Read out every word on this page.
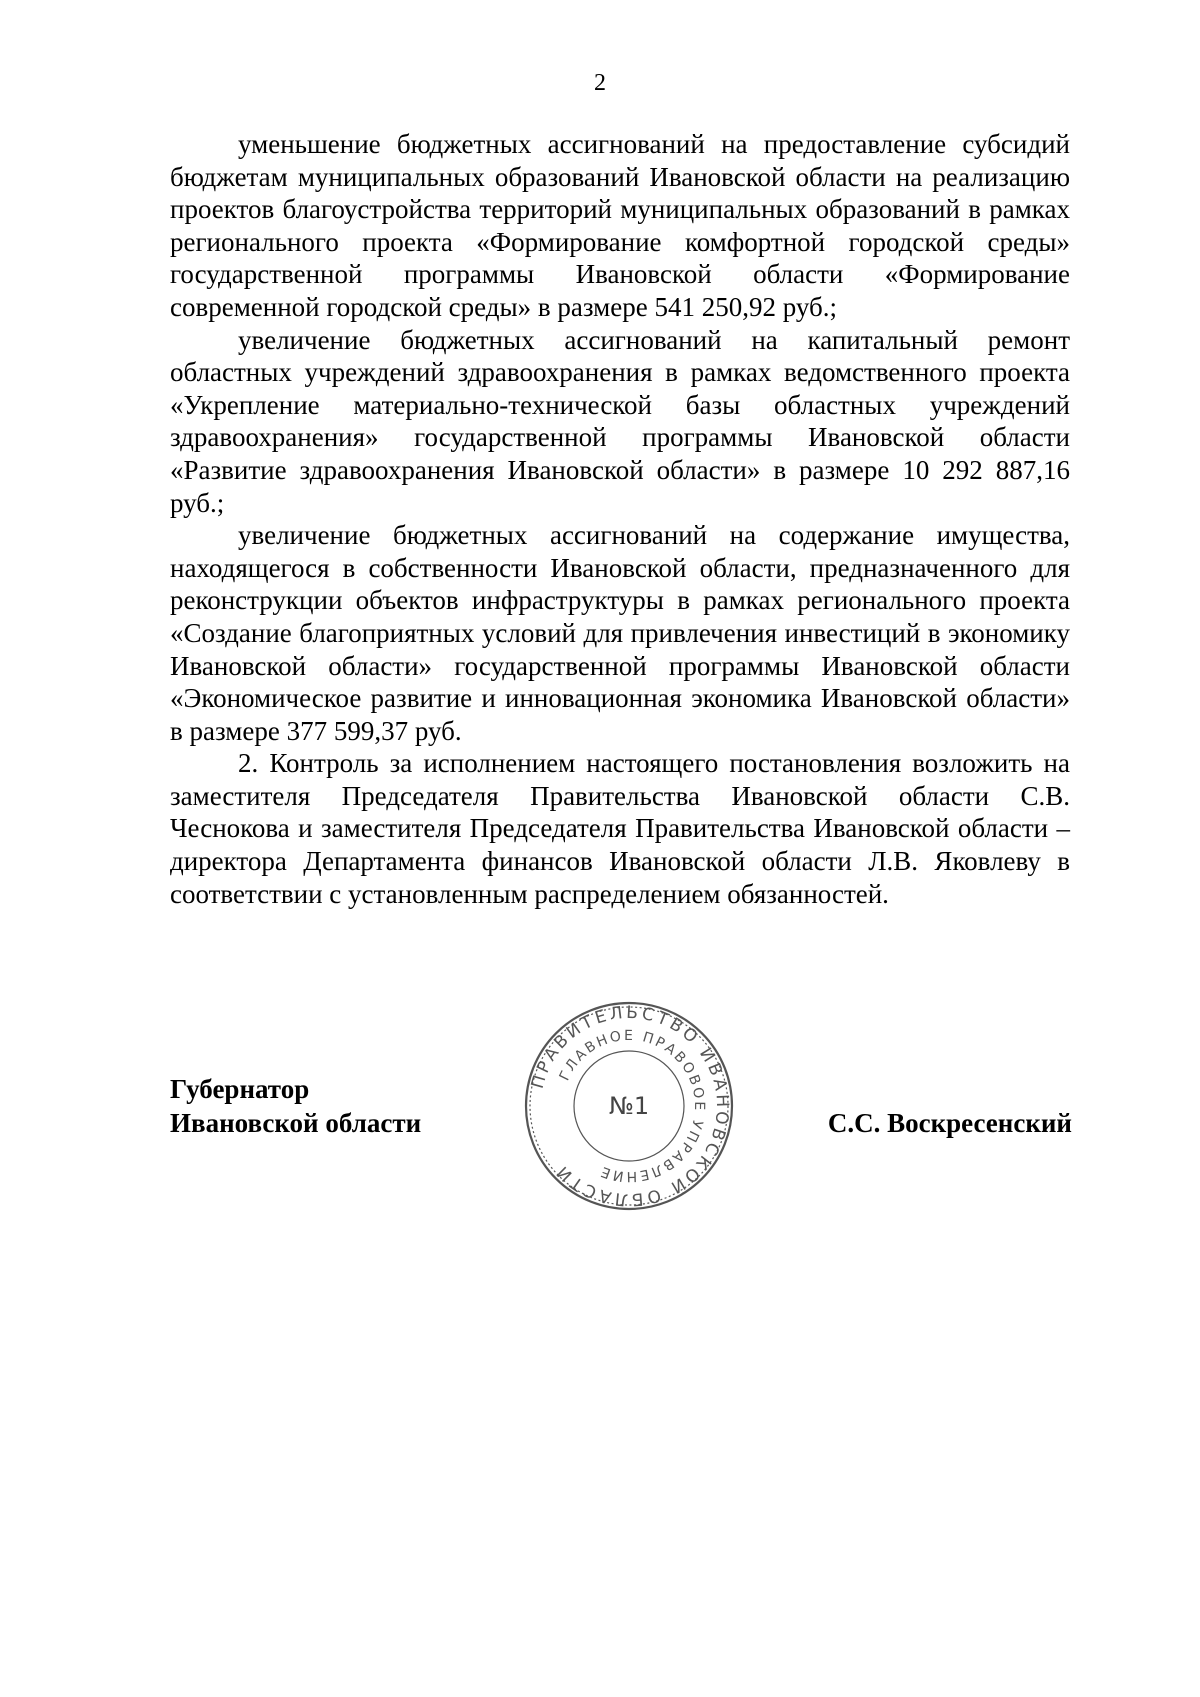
2

уменьшение бюджетных ассигнований на предоставление субсидий бюджетам муниципальных образований Ивановской области на реализацию проектов благоустройства территорий муниципальных образований в рамках регионального проекта «Формирование комфортной городской среды» государственной программы Ивановской области «Формирование современной городской среды» в размере 541 250,92 руб.;

увеличение бюджетных ассигнований на капитальный ремонт областных учреждений здравоохранения в рамках ведомственного проекта «Укрепление материально-технической базы областных учреждений здравоохранения» государственной программы Ивановской области «Развитие здравоохранения Ивановской области» в размере 10 292 887,16 руб.;

увеличение бюджетных ассигнований на содержание имущества, находящегося в собственности Ивановской области, предназначенного для реконструкции объектов инфраструктуры в рамках регионального проекта «Создание благоприятных условий для привлечения инвестиций в экономику Ивановской области» государственной программы Ивановской области «Экономическое развитие и инновационная экономика Ивановской области» в размере 377 599,37 руб.

2. Контроль за исполнением настоящего постановления возложить на заместителя Председателя Правительства Ивановской области С.В. Чеснокова и заместителя Председателя Правительства Ивановской области – директора Департамента финансов Ивановской области Л.В. Яковлеву в соответствии с установленным распределением обязанностей.

Губернатор
Ивановской области	С.С. Воскресенский
ПРАВИТЕЛЬСТВО ИВАНОВСКОЙ ОБЛАСТИ
ГЛАВНОЕ ПРАВОВОЕ УПРАВЛЕНИЕ
№1
